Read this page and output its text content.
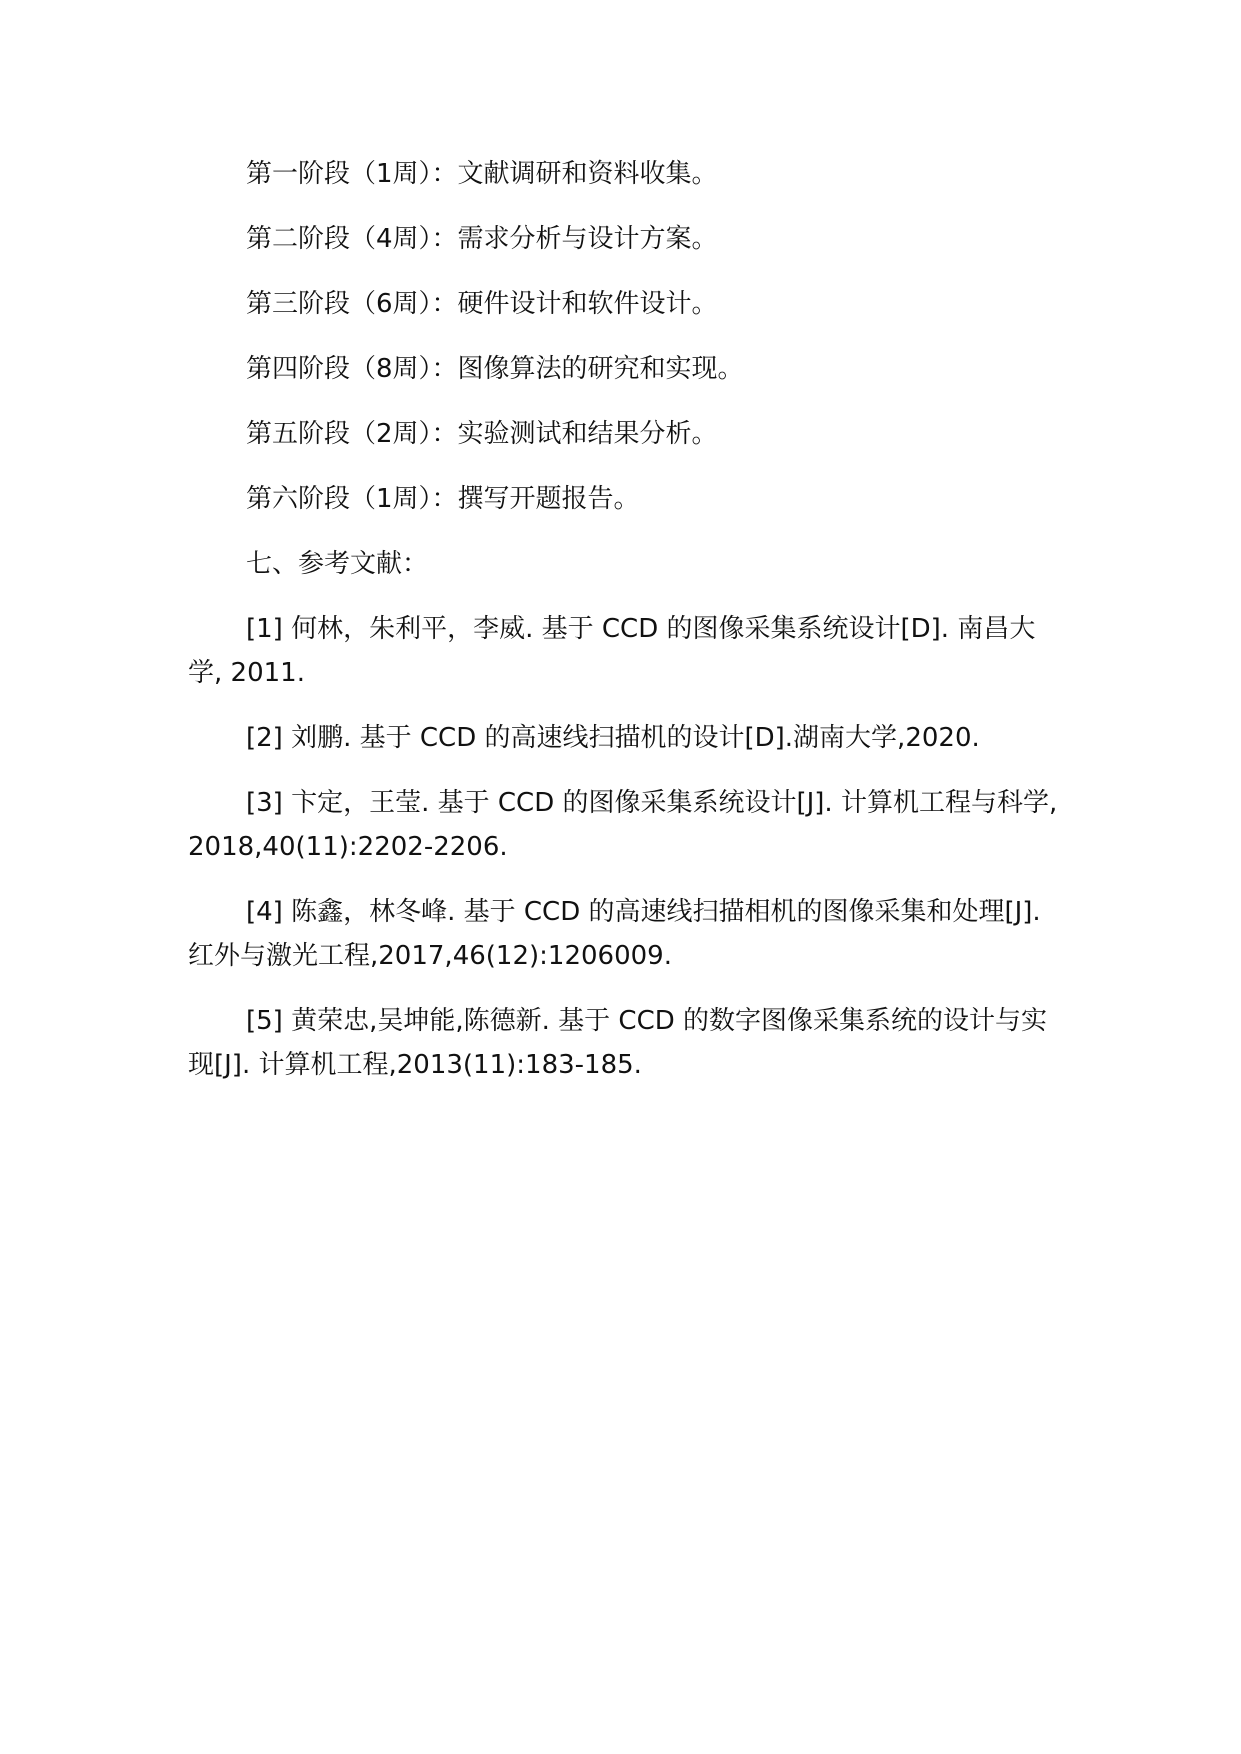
第一阶段（1周）：文献调研和资料收集。

第二阶段（4周）：需求分析与设计方案。

第三阶段（6周）：硬件设计和软件设计。

第四阶段（8周）：图像算法的研究和实现。

第五阶段（2周）：实验测试和结果分析。

第六阶段（1周）：撰写开题报告。

七、参考文献：

[1] 何林，朱利平，李威. 基于 CCD 的图像采集系统设计[D]. 南昌大学, 2011.

[2] 刘鹏. 基于 CCD 的高速线扫描机的设计[D].湖南大学,2020.

[3] 卞定，王莹. 基于 CCD 的图像采集系统设计[J]. 计算机工程与科学,2018,40(11):2202-2206.

[4] 陈鑫，林冬峰. 基于 CCD 的高速线扫描相机的图像采集和处理[J]. 红外与激光工程,2017,46(12):1206009.

[5] 黄荣忠,吴坤能,陈德新. 基于 CCD 的数字图像采集系统的设计与实现[J]. 计算机工程,2013(11):183-185.
